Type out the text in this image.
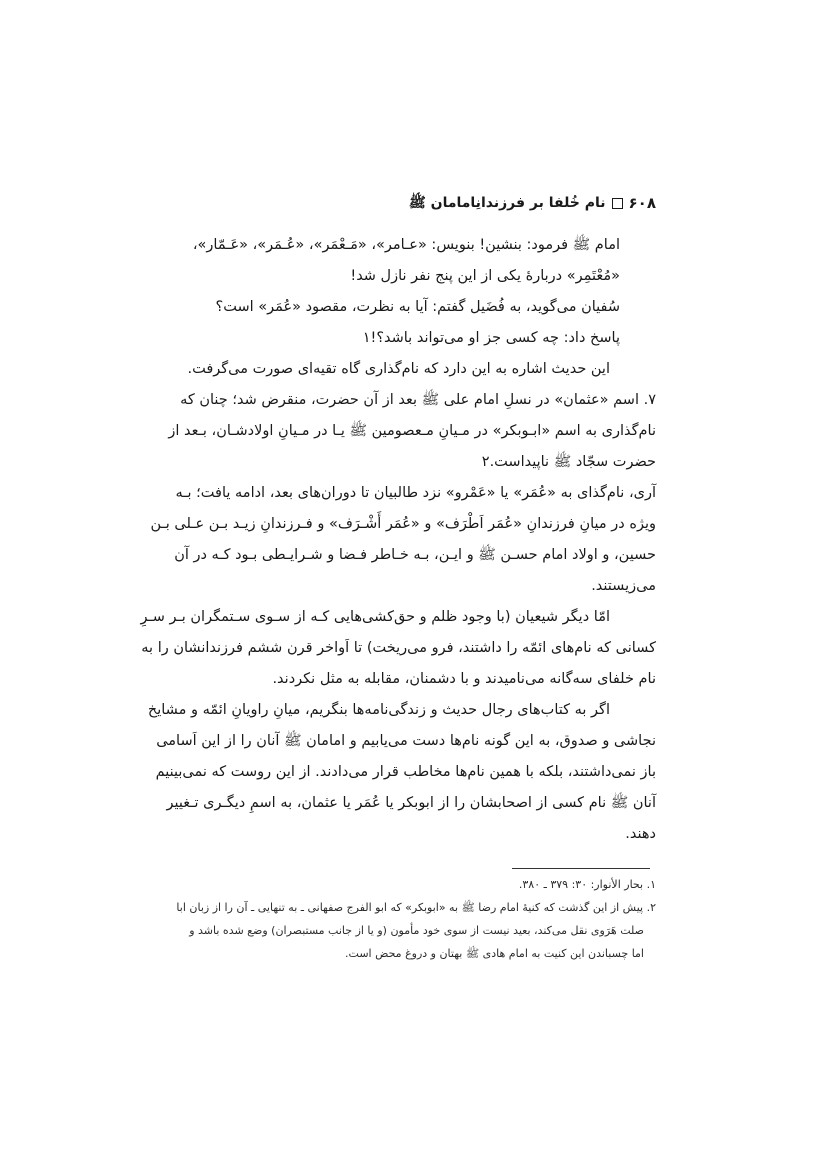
۶۰۸
نام خُلفا بر فرزندانِامامان ﷺ

امام ﷺ فرمود: بنشین! بنویس: «عـامر»، «مَـعْمَر»، «عُـمَر»، «عَـمّار»،

«مُعْتَمِر» دربارهٔ یکی از این پنج نفر نازل شد!

سُفیان می‌گوید، به فُضَیل گفتم: آیا به نظرت، مقصود «عُمَر» است؟

پاسخ داد: چه کسی جز او می‌تواند باشد؟!۱

این حدیث اشاره به این دارد که نام‌گذاری گاه تقیه‌ای صورت می‌گرفت.

۷. اسم «عثمان» در نسلِ امام علی ﷺ بعد از آن حضرت، منقرض شد؛ چنان که

نام‌گذاری به اسم «ابـوبکر» در مـیانِ مـعصومین ﷺ یـا در مـیانِ اولادشـان، بـعد از

حضرت سجّاد ﷺ ناپیداست.۲

آری، نام‌گذای به «عُمَر» یا «عَمْرو» نزد طالبیان تا دوران‌های بعد، ادامه یافت؛ بـه

ویژه در میانِ فرزندانِ «عُمَر اَطْرَف» و «عُمَر أَشْـرَف» و فـرزندانِ زیـد بـن عـلی بـن

حسین، و اولاد امام حسـن ﷺ و ایـن، بـه خـاطر فـضا و شـرایـطی بـود کـه در آن

می‌زیستند.

امّا دیگر شیعیان (با وجود ظلم و حق‌کشی‌هایی کـه از سـوی سـتمگران بـر سـرِ

کسانی که نام‌های ائمّه را داشتند، فرو می‌ریخت) تا اَواخر قرن ششم فرزندانشان را به

نام خلفای سه‌گانه می‌نامیدند و با دشمنان، مقابله به مثل نکردند.

اگر به کتاب‌های رجال حدیث و زندگی‌نامه‌ها بنگریم، میانِ راویانِ ائمّه و مشایخ

نجاشی و صدوق، به این گونه نام‌ها دست می‌یابیم و امامان ﷺ آنان را از این اَسامی

باز نمی‌داشتند، بلکه با همین نام‌ها مخاطب قرار می‌دادند. از این روست که نمی‌بینیم

آنان ﷺ نام کسی از اصحابشان را از ابوبکر یا عُمَر یا عثمان، به اسمِ دیگـری تـغییر

دهند.

۱. بحار الأنوار: ۳۰: ۳۷۹ ـ ۳۸۰.

۲. پیش از این گذشت که کنیهٔ امام رضا ﷺ به «ابوبکر» که ابو الفرج صفهانی ـ به تنهایی ـ آن را از زبان ابا

صلت هَرَوی نقل می‌کند، بعید نیست از سوی خود مأمون (و یا از جانب مستبصران) وضع شده باشد و

اما چسباندن این کنیت به امام هادی ﷺ بهتان و دروغ محض است.
